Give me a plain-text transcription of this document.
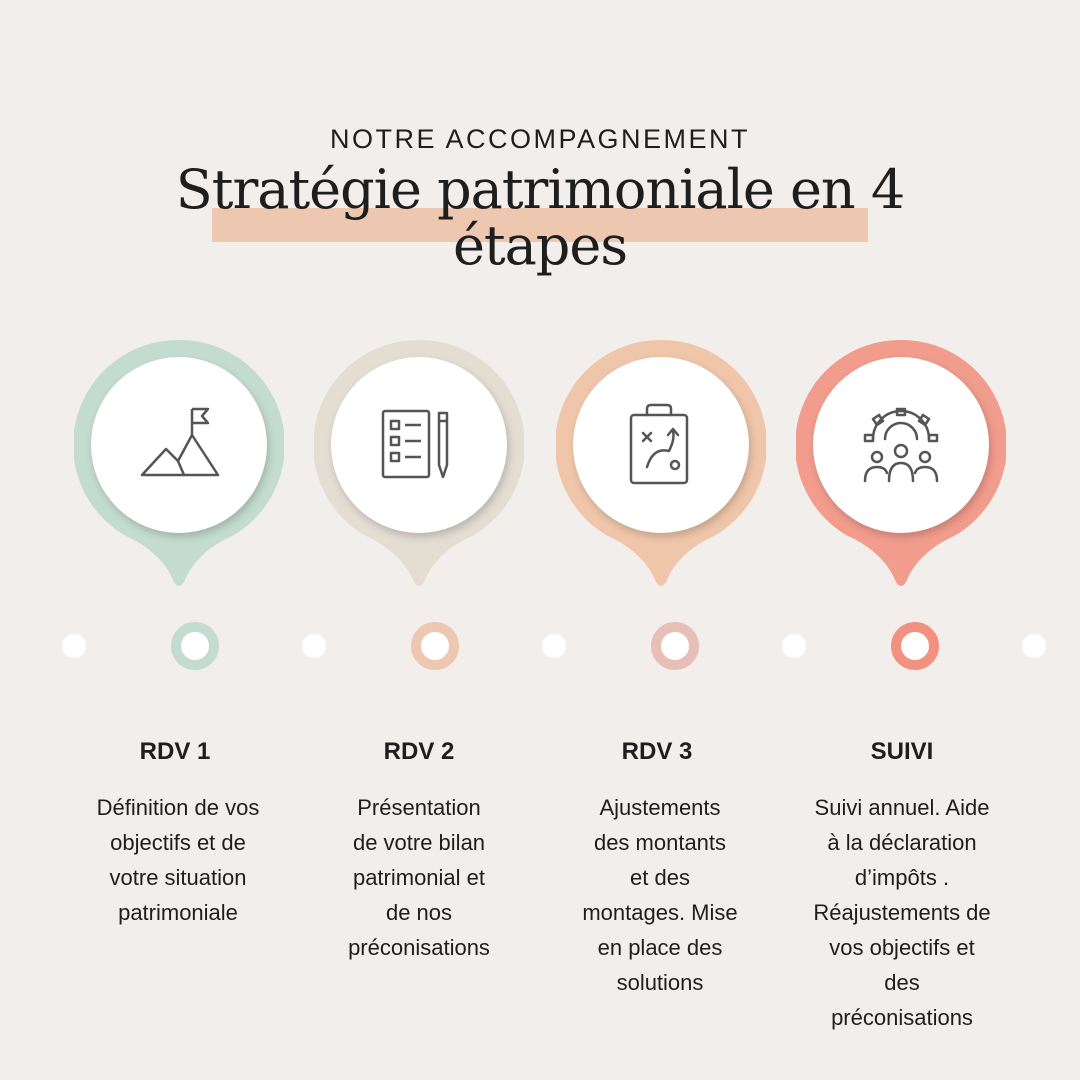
NOTRE ACCOMPAGNEMENT
Stratégie patrimoniale en 4
étapes
RDV 1	RDV 2	RDV 3	SUIVI
Définition de vos
objectifs et de
votre situation
patrimoniale
Présentation
de votre bilan
patrimonial et
de nos
préconisations
Ajustements
des montants
et des
montages. Mise
en place des
solutions
Suivi annuel. Aide
à la déclaration
d’impôts .
Réajustements de
vos objectifs et
des
préconisations
